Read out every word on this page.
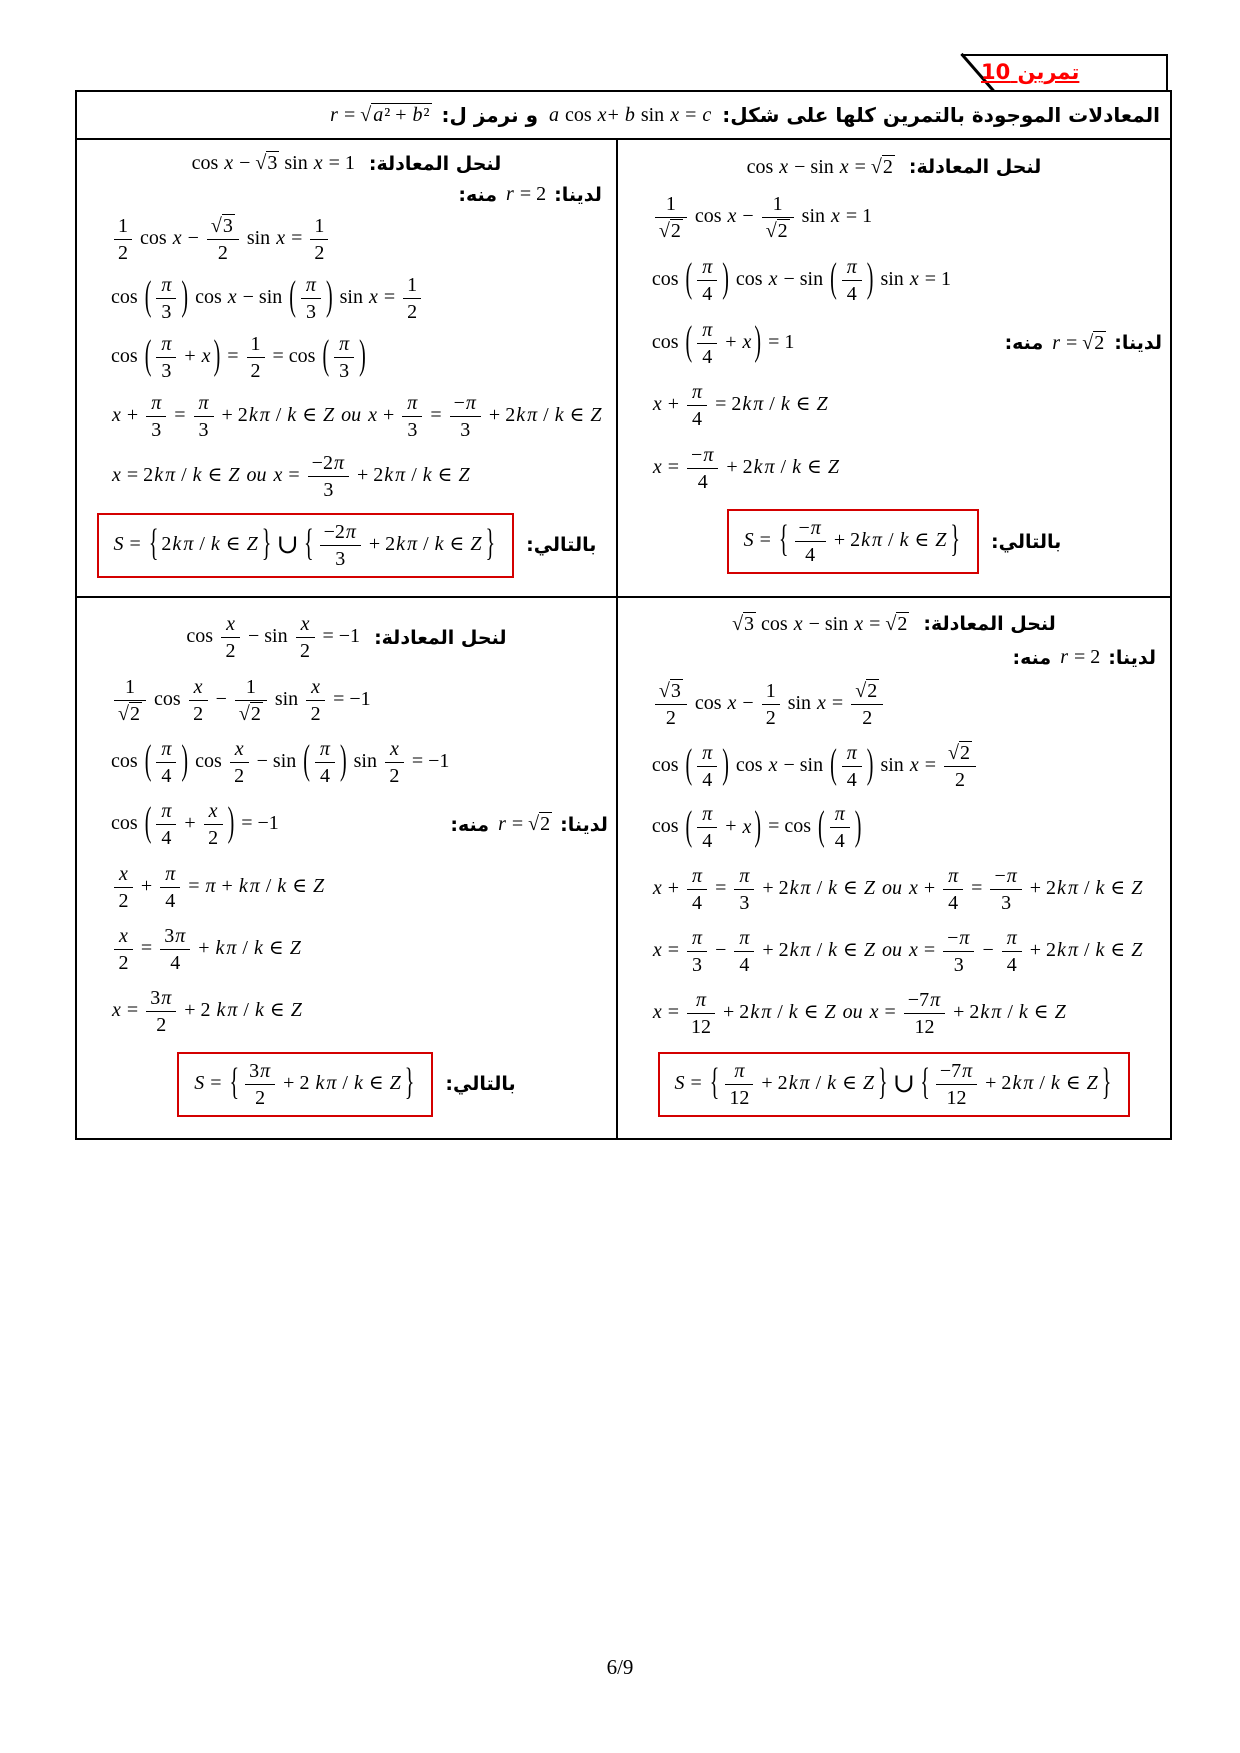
تمرين 10
المعادلات الموجودة بالتمرين كلها على شكل:
a cos x+ b sin x = c
و نرمز ل:
r = √ a² + b²
لنحل المعادلة:
cos x − sin x = √2
$\frac{1}{√2}$ $\cos x - \frac{1}{√2}$ sin x = 1
cos ( $\frac{\pi}{4}$ ) cos x − sin ( $\frac{\pi}{4}$ ) sin x = 1
cos ( $\frac{\pi}{4} + x$ ) = 1	لدينا:
r = √2
منه:
$x + \frac{\pi}{4} = 2k$ π / k ∈ Z
$x = \frac{-\pi}{4} + 2k$ π / k ∈ Z
بالتالي:
S = { $\frac{-\pi}{4} + 2k$ π / k ∈ Z }
لنحل المعادلة:
cos x − √3 sin x = 1
لدينا:
r = 2
منه:
$\frac{1}{2}$ $\cos x - \frac{√3}{2}$ $\sin x = \frac{1}{2}$
cos ( $\frac{\pi}{3}$ ) cos x − sin ( $\frac{\pi}{3}$ ) $\sin x = \frac{1}{2}$
cos ( $\frac{\pi}{3} + x$ ) = $\frac{1}{2} = \cos$ ( $\frac{\pi}{3}$ )
$x + \frac{\pi}{3} = \frac{\pi}{3} + 2k$ π / k ∈ Z ou $x + \frac{\pi}{3} = \frac{-\pi}{3} + 2k$ π / k ∈ Z
x = 2k π / k ∈ Z ou $x = \frac{-2\pi}{3} + 2k$ π / k ∈ Z
بالتالي:
S = { 2k π / k ∈ Z } ∪ { $\frac{-2\pi}{3} + 2k$ π / k ∈ Z }
لنحل المعادلة:
√3 cos x − sin x = √2
لدينا:
r = 2
منه:
$\frac{√3}{2}$ $\cos x - \frac{1}{2}$ $\sin x = \frac{√2}{2}$
cos ( $\frac{\pi}{4}$ ) cos x − sin ( $\frac{\pi}{4}$ ) $\sin x = \frac{√2}{2}$
cos ( $\frac{\pi}{4} + x$ ) = cos ( $\frac{\pi}{4}$ )
$x + \frac{\pi}{4} = \frac{\pi}{3} + 2k$ π / k ∈ Z ou $x + \frac{\pi}{4} = \frac{-\pi}{3} + 2k$ π / k ∈ Z
$x = \frac{\pi}{3} - \frac{\pi}{4} + 2k$ π / k ∈ Z ou $x = \frac{-\pi}{3} - \frac{\pi}{4} + 2k$ π / k ∈ Z
$x = \frac{\pi}{12} + 2k$ π / k ∈ Z ou $x = \frac{-7\pi}{12} + 2k$ π / k ∈ Z
S = { $\frac{\pi}{12} + 2k$ π / k ∈ Z } ∪ { $\frac{-7\pi}{12} + 2k$ π / k ∈ Z }
لنحل المعادلة:
$\cos \frac{x}{2} - \sin \frac{x}{2} = -1$
$\frac{1}{√2}$ $\cos \frac{x}{2} - \frac{1}{√2}$ $\sin \frac{x}{2} = -1$
cos ( $\frac{\pi}{4}$ ) $\cos \frac{x}{2} - \sin$ ( $\frac{\pi}{4}$ ) $\sin \frac{x}{2} = -1$
cos ( $\frac{\pi}{4} + \frac{x}{2}$ ) = −1	لدينا:
r = √2
منه:
$\frac{x}{2} + \frac{\pi}{4} = \pi + k$ π / k ∈ Z
$\frac{x}{2} = \frac{3\pi}{4} + k$ π / k ∈ Z
$x = \frac{3\pi}{2} + 2$ k π / k ∈ Z
بالتالي:
S = { $\frac{3\pi}{2} + 2$ k π / k ∈ Z }
6/9
